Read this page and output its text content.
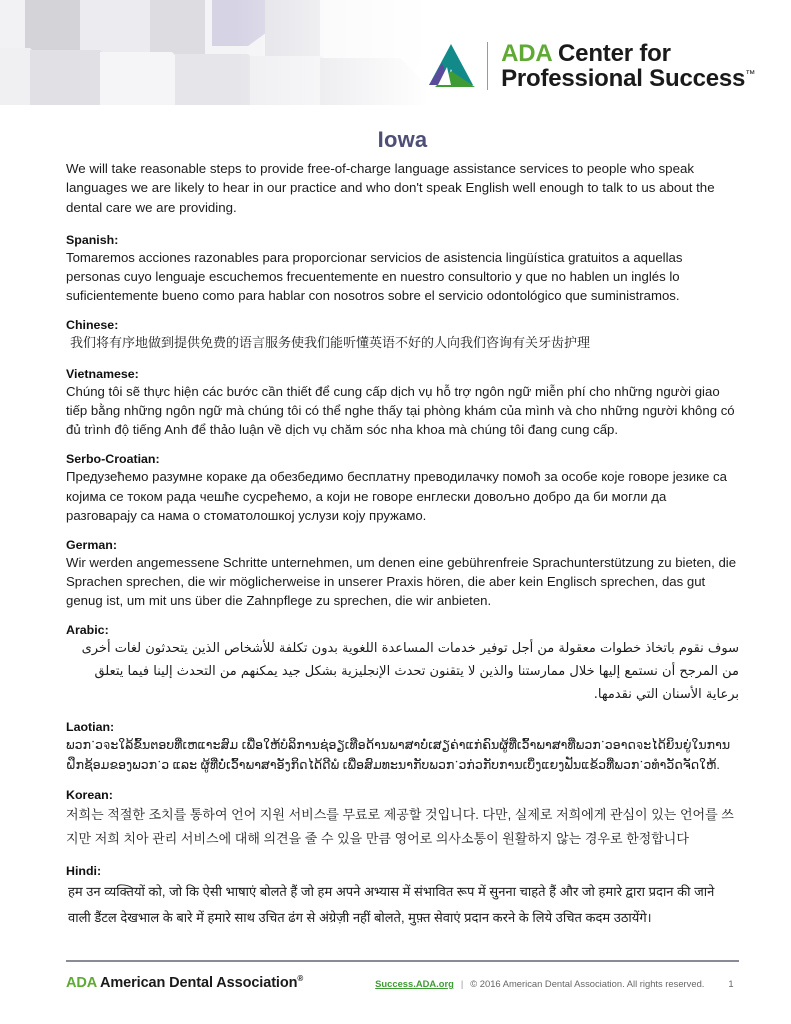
ADA Center for
Professional Success™
Iowa

We will take reasonable steps to provide free-of-charge language assistance services to people who speak languages we are likely to hear in our practice and who don't speak English well enough to talk to us about the dental care we are providing.

Spanish:
Tomaremos acciones razonables para proporcionar servicios de asistencia lingüística gratuitos a aquellas personas cuyo lenguaje escuchemos frecuentemente en nuestro consultorio y que no hablen un inglés lo suficientemente bueno como para hablar con nosotros sobre el servicio odontológico que suministramos.
Chinese:
我们将有序地做到提供免费的语言服务使我们能听懂英语不好的人向我们咨询有关牙齿护理
Vietnamese:
Chúng tôi sẽ thực hiện các bước cần thiết để cung cấp dịch vụ hỗ trợ ngôn ngữ miễn phí cho những người giao tiếp bằng những ngôn ngữ mà chúng tôi có thể nghe thấy tại phòng khám của mình và cho những người không có đủ trình độ tiếng Anh để thảo luận về dịch vụ chăm sóc nha khoa mà chúng tôi đang cung cấp.
Serbo-Croatian:
Предузећемо разумне кораке да обезбедимо бесплатну преводилачку помоћ за особе које говоре језике са којима се током рада чешће сусрећемо, а који не говоре енглески довољно добро да би могли да разговарају са нама о стоматолошкој услузи коју пружамо.
German:
Wir werden angemessene Schritte unternehmen, um denen eine gebührenfreie Sprachunterstützung zu bieten, die Sprachen sprechen, die wir möglicherweise in unserer Praxis hören, die aber kein Englisch sprechen, das gut genug ist, um mit uns über die Zahnpflege zu sprechen, die wir anbieten.
Arabic:
سوف نقوم باتخاذ خطوات معقولة من أجل توفير خدمات المساعدة اللغوية بدون تكلفة للأشخاص الذين يتحدثون لغات أخرى من المرجح أن نستمع إليها خلال ممارستنا والذين لا يتقنون تحدث الإنجليزية بشكل جيد يمكنهم من التحدث إلينا فيما يتعلق برعاية الأسنان التي نقدمها.
Laotian:
ພວກॱວจະໃລ້ຂົ້ນຕອບທີ່ເຫແາະສົມ ເພື່ອໃຫ້ບໍລິການຊ່ອຽເທືອດ້ານພາສາບໍ່ເສຽຄ່າແກ່ຄົນຜູ້ທີ່ເວົ້າພາສາທີ່ພວກॱວອາດจະໄດ້ຍິນຍູ່ໃນການຝຶກຊ້ອມຂອງພວກॱວ ແລະ ຜູ້ທີ່ບໍ່ເວົ້າພາສາອັງກິດໄດ້ດີພໍ ເພື່ອສົມທະນາກັບພວກॱວກ່ວກັບການເບິ່ງແຍງຟັນແຂ້ວທີ່ພວກॱວທຳວັດຈັດໃຫ້.
Korean:
저희는 적절한 조치를 통하여 언어 지원 서비스를 무료로 제공할 것입니다. 다만, 실제로 저희에게 관심이 있는 언어를 쓰지만 저희 치아 관리 서비스에 대해 의견을 줄 수 있을 만큼 영어로 의사소통이 원활하지 않는 경우로 한정합니다
Hindi:
हम उन व्यक्तियों को, जो कि ऐसी भाषाएं बोलते हैं जो हम अपने अभ्यास में संभावित रूप में सुनना चाहते हैं और जो हमारे द्वारा प्रदान की जाने वाली डैंटल देखभाल के बारे में हमारे साथ उचित ढंग से अंग्रेज़ी नहीं बोलते, मुफ़्त सेवाएं प्रदान करने के लिये उचित कदम उठायेंगे।
ADA American Dental Association®	Success.ADA.org | © 2016 American Dental Association. All rights reserved.	1
